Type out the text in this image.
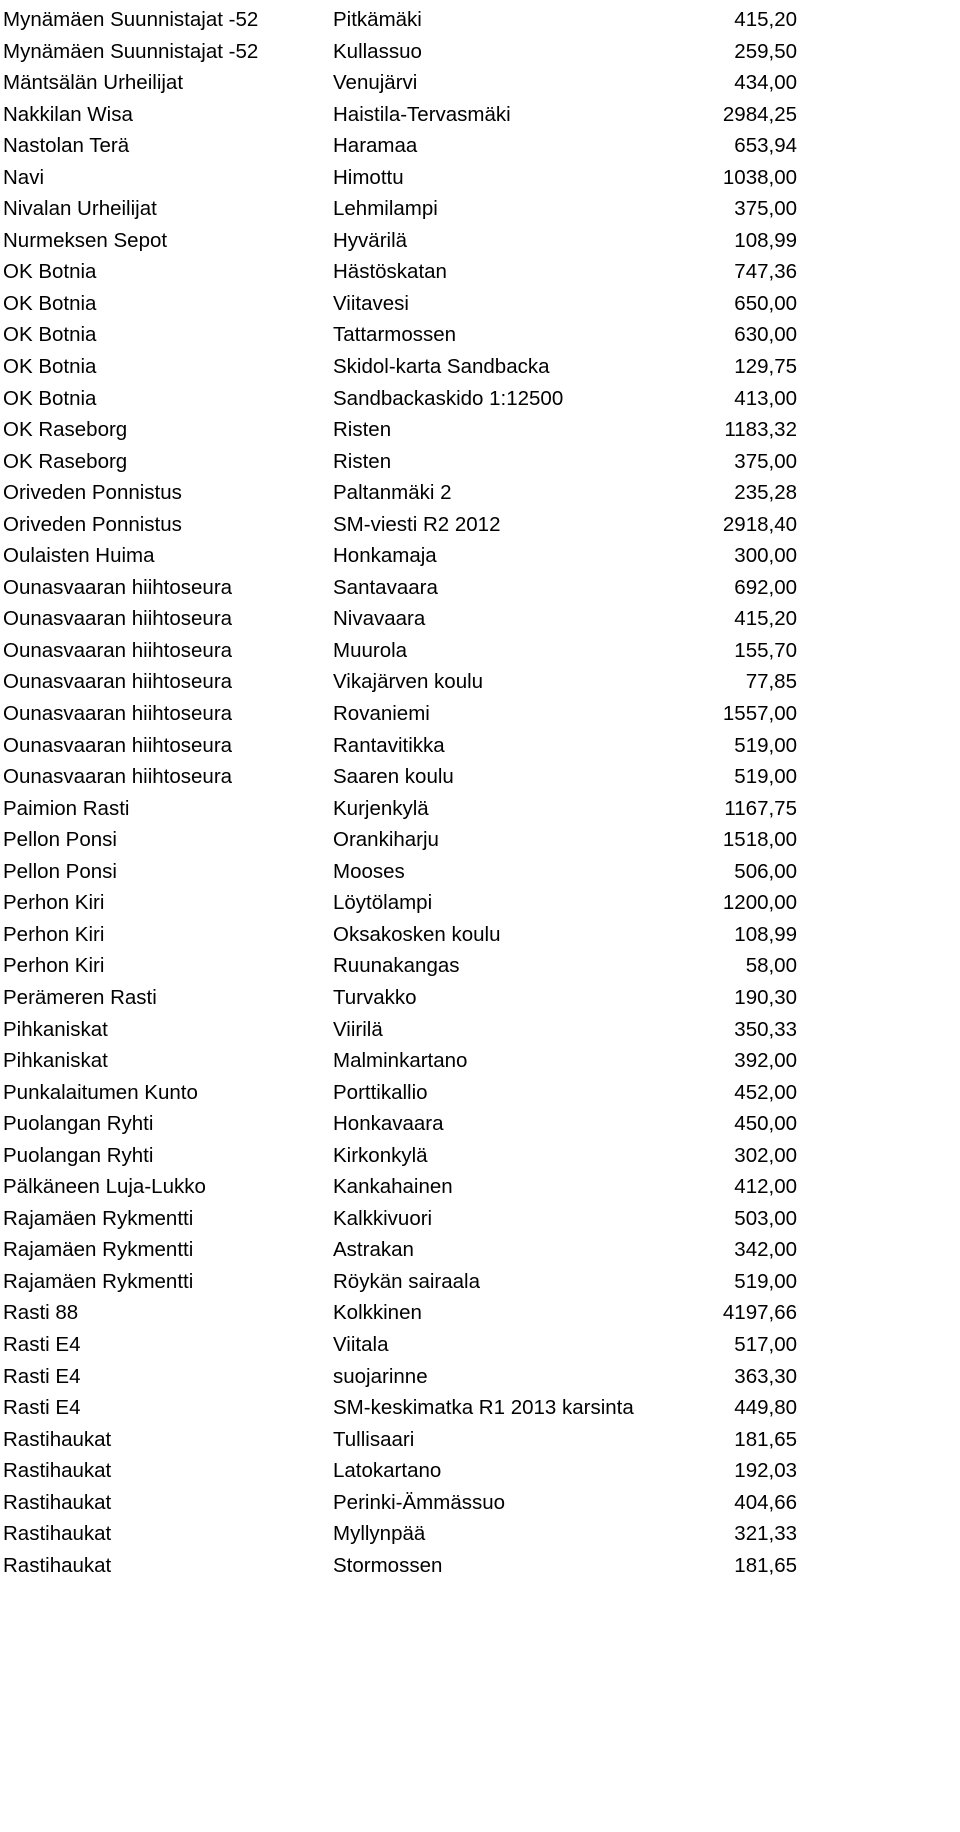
Mynämäen Suunnistajat -52	Pitkämäki	415,20
Mynämäen Suunnistajat -52	Kullassuo	259,50
Mäntsälän Urheilijat	Venujärvi	434,00
Nakkilan Wisa	Haistila-Tervasmäki	2984,25
Nastolan Terä	Haramaa	653,94
Navi	Himottu	1038,00
Nivalan Urheilijat	Lehmilampi	375,00
Nurmeksen Sepot	Hyvärilä	108,99
OK Botnia	Hästöskatan	747,36
OK Botnia	Viitavesi	650,00
OK Botnia	Tattarmossen	630,00
OK Botnia	Skidol-karta Sandbacka	129,75
OK Botnia	Sandbackaskido 1:12500	413,00
OK Raseborg	Risten	1183,32
OK Raseborg	Risten	375,00
Oriveden Ponnistus	Paltanmäki 2	235,28
Oriveden Ponnistus	SM-viesti R2 2012	2918,40
Oulaisten Huima	Honkamaja	300,00
Ounasvaaran hiihtoseura	Santavaara	692,00
Ounasvaaran hiihtoseura	Nivavaara	415,20
Ounasvaaran hiihtoseura	Muurola	155,70
Ounasvaaran hiihtoseura	Vikajärven koulu	77,85
Ounasvaaran hiihtoseura	Rovaniemi	1557,00
Ounasvaaran hiihtoseura	Rantavitikka	519,00
Ounasvaaran hiihtoseura	Saaren koulu	519,00
Paimion Rasti	Kurjenkylä	1167,75
Pellon Ponsi	Orankiharju	1518,00
Pellon Ponsi	Mooses	506,00
Perhon Kiri	Löytölampi	1200,00
Perhon Kiri	Oksakosken koulu	108,99
Perhon Kiri	Ruunakangas	58,00
Perämeren Rasti	Turvakko	190,30
Pihkaniskat	Viirilä	350,33
Pihkaniskat	Malminkartano	392,00
Punkalaitumen Kunto	Porttikallio	452,00
Puolangan Ryhti	Honkavaara	450,00
Puolangan Ryhti	Kirkonkylä	302,00
Pälkäneen Luja-Lukko	Kankahainen	412,00
Rajamäen Rykmentti	Kalkkivuori	503,00
Rajamäen Rykmentti	Astrakan	342,00
Rajamäen Rykmentti	Röykän sairaala	519,00
Rasti 88	Kolkkinen	4197,66
Rasti E4	Viitala	517,00
Rasti E4	suojarinne	363,30
Rasti E4	SM-keskimatka R1 2013 karsinta	449,80
Rastihaukat	Tullisaari	181,65
Rastihaukat	Latokartano	192,03
Rastihaukat	Perinki-Ämmässuo	404,66
Rastihaukat	Myllynpää	321,33
Rastihaukat	Stormossen	181,65
